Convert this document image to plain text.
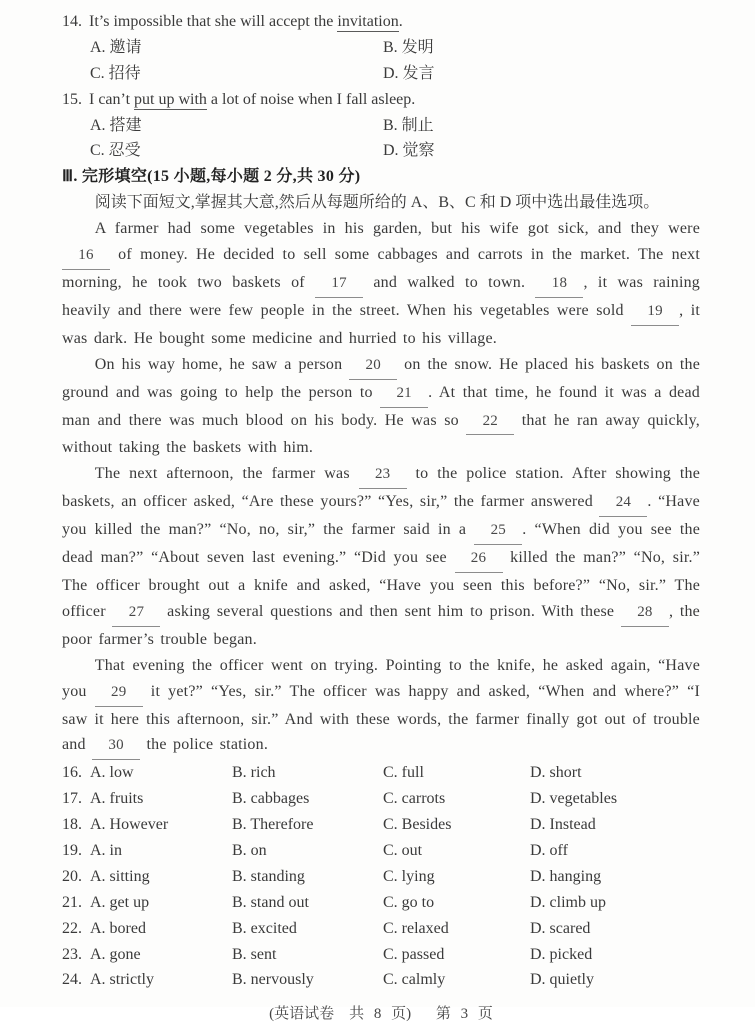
14. It’s impossible that she will accept the invitation.
A. 邀请	B. 发明
C. 招待	D. 发言
15. I can’t put up with a lot of noise when I fall asleep.
A. 搭建	B. 制止
C. 忍受	D. 觉察
Ⅲ. 完形填空(15 小题,每小题 2 分,共 30 分)

阅读下面短文,掌握其大意,然后从每题所给的 A、B、C 和 D 项中选出最佳选项。

A farmer had some vegetables in his garden, but his wife got sick, and they were 16 of money. He decided to sell some cabbages and carrots in the market. The next morning, he took two baskets of 17 and walked to town. 18 , it was raining heavily and there were few people in the street. When his vegetables were sold 19 , it was dark. He bought some medicine and hurried to his village.

On his way home, he saw a person 20 on the snow. He placed his baskets on the ground and was going to help the person to 21 . At that time, he found it was a dead man and there was much blood on his body. He was so 22 that he ran away quickly, without taking the baskets with him.

The next afternoon, the farmer was 23 to the police station. After showing the baskets, an officer asked, “Are these yours?” “Yes, sir,” the farmer answered 24 . “Have you killed the man?” “No, no, sir,” the farmer said in a 25 . “When did you see the dead man?” “About seven last evening.” “Did you see 26 killed the man?” “No, sir.” The officer brought out a knife and asked, “Have you seen this before?” “No, sir.” The officer 27 asking several questions and then sent him to prison. With these 28 , the poor farmer’s trouble began.

That evening the officer went on trying. Pointing to the knife, he asked again, “Have you 29 it yet?” “Yes, sir.” The officer was happy and asked, “When and where?” “I saw it here this afternoon, sir.” And with these words, the farmer finally got out of trouble and 30 the police station.

16. A. low	B. rich	C. full	D. short
17. A. fruits	B. cabbages	C. carrots	D. vegetables
18. A. However	B. Therefore	C. Besides	D. Instead
19. A. in	B. on	C. out	D. off
20. A. sitting	B. standing	C. lying	D. hanging
21. A. get up	B. stand out	C. go to	D. climb up
22. A. bored	B. excited	C. relaxed	D. scared
23. A. gone	B. sent	C. passed	D. picked
24. A. strictly	B. nervously	C. calmly	D. quietly
(英语试卷　共 8 页)　 第 3 页
